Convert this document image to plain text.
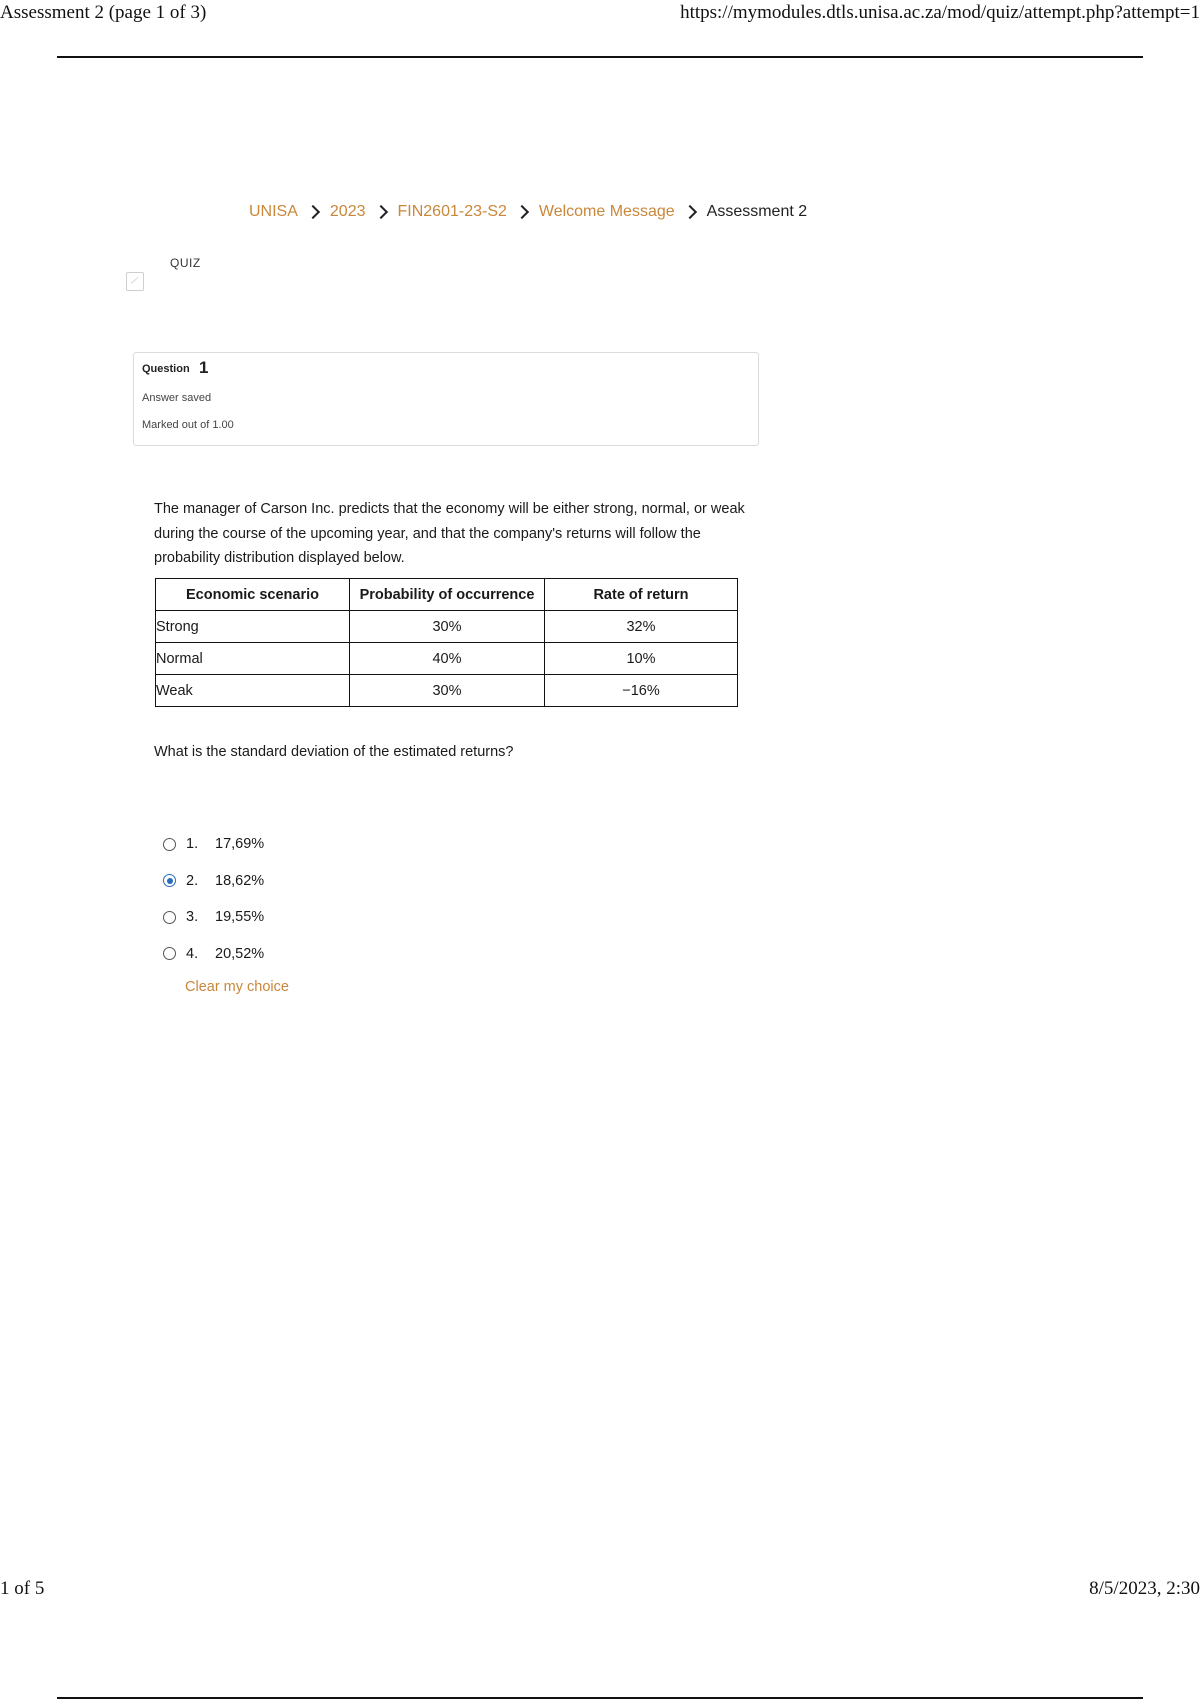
Assessment 2 (page 1 of 3)	https://mymodules.dtls.unisa.ac.za/mod/quiz/attempt.php?attempt=1
UNISA 2023 FIN2601-23-S2 Welcome Message Assessment 2
QUIZ
Question 1
Answer saved
Marked out of 1.00
The manager of Carson Inc. predicts that the economy will be either strong, normal, or weak during the course of the upcoming year, and that the company's returns will follow the probability distribution displayed below.
Economic scenario	Probability of occurrence	Rate of return
Strong	30%	32%
Normal	40%	10%
Weak	30%	−16%
What is the standard deviation of the estimated returns?
1.	17,69%
2.	18,62%
3.	19,55%
4.	20,52%
Clear my choice
1 of 5	8/5/2023, 2:30
